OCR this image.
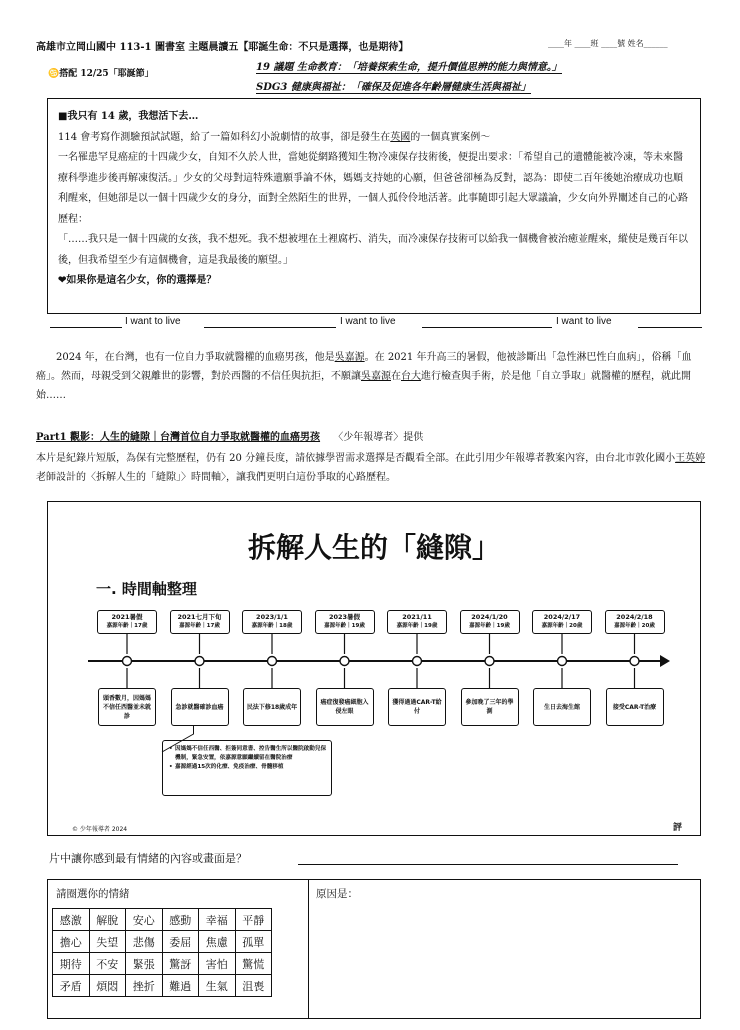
高雄市立岡山國中 113-1 圖書室 主題晨讀五【耶誕生命：不只是選擇，也是期待】	____年 ____班 ____號 姓名______
♋搭配 12/25「耶誕節」
19 議題 生命教育：「培養探索生命，提升價值思辨的能力與情意。」
SDG3 健康與福祉：「確保及促進各年齡層健康生活與福祉」

■我只有 14 歲，我想活下去…

114 會考寫作測驗預試試題，給了一篇如科幻小說劇情的故事，卻是發生在英國的一個真實案例～

一名罹患罕見癌症的十四歲少女，自知不久於人世，當她從網路獲知生物冷凍保存技術後，便提出要求：「希望自己的遺體能被冷凍，等未來醫療科學進步後再解凍復活。」少女的父母對這特殊遺願爭論不休，媽媽支持她的心願，但爸爸卻極為反對，認為：即使二百年後她治療成功也順利醒來，但她卻是以一個十四歲少女的身分，面對全然陌生的世界，一個人孤伶伶地活著。此事隨即引起大眾議論，少女向外界闡述自己的心路歷程：

「……我只是一個十四歲的女孩，我不想死。我不想被埋在土裡腐朽、消失，而冷凍保存技術可以給我一個機會被治癒並醒來，縱使是幾百年以後，但我希望至少有這個機會，這是我最後的願望。」

❤如果你是這名少女，你的選擇是？

I want to live	I want to live	I want to live
2024 年，在台灣，也有一位自力爭取就醫權的血癌男孩，他是吳嘉源。在 2021 年升高三的暑假，他被診斷出「急性淋巴性白血病」，俗稱「血癌」。然而，母親受到父親離世的影響，對於西醫的不信任與抗拒，不願讓吳嘉源在台大進行檢查與手術，於是他「自立爭取」就醫權的歷程，就此開始……
Part1 觀影：人生的縫隙｜台灣首位自力爭取就醫權的血癌男孩 〈少年報導者〉提供
本片是紀錄片短版，為保有完整歷程，仍有 20 分鐘長度，請依據學習需求選擇是否觀看全部。在此引用少年報導者教案內容，由台北市敦化國小王英婷老師設計的〈拆解人生的「縫隙」〉時間軸〉，讓我們更明白這份爭取的心路歷程。
拆解人生的「縫隙」
一. 時間軸整理
2021暑假
嘉源年齡｜17歲
頭香數月，因媽媽不信任西醫並未就診
2021七月下旬
嘉源年齡｜17歲
急診就醫確診血癌
2023/1/1
嘉源年齡｜18歲
民法下修18歲成年
2023暑假
嘉源年齡｜19歲
癌症復發癌細胞入侵左眼
2021/11
嘉源年齡｜19歲
獲得過過CAR-T給付
2024/1/20
嘉源年齡｜19歲
參加晚了三年的學測
2024/2/17
嘉源年齡｜20歲
生日去海生館
2024/2/18
嘉源年齡｜20歲
接受CAR-T治療
• 因媽媽不信任西醫、拒簽同意書、控告醫生所以醫院啟動兒保機制，緊急安置，依嘉源意願繼續留在醫院治療
• 嘉源經過15次的化療、免疫治療、骨髓移植
© 少年報導者 2024	評
片中讓你感到最有情緒的內容或畫面是？
請圈選你的情緒
感激	解脫	安心	感動	幸福	平靜
擔心	失望	悲傷	委屈	焦慮	孤單
期待	不安	緊張	驚訝	害怕	驚慌
矛盾	煩悶	挫折	難過	生氣	沮喪
原因是：
